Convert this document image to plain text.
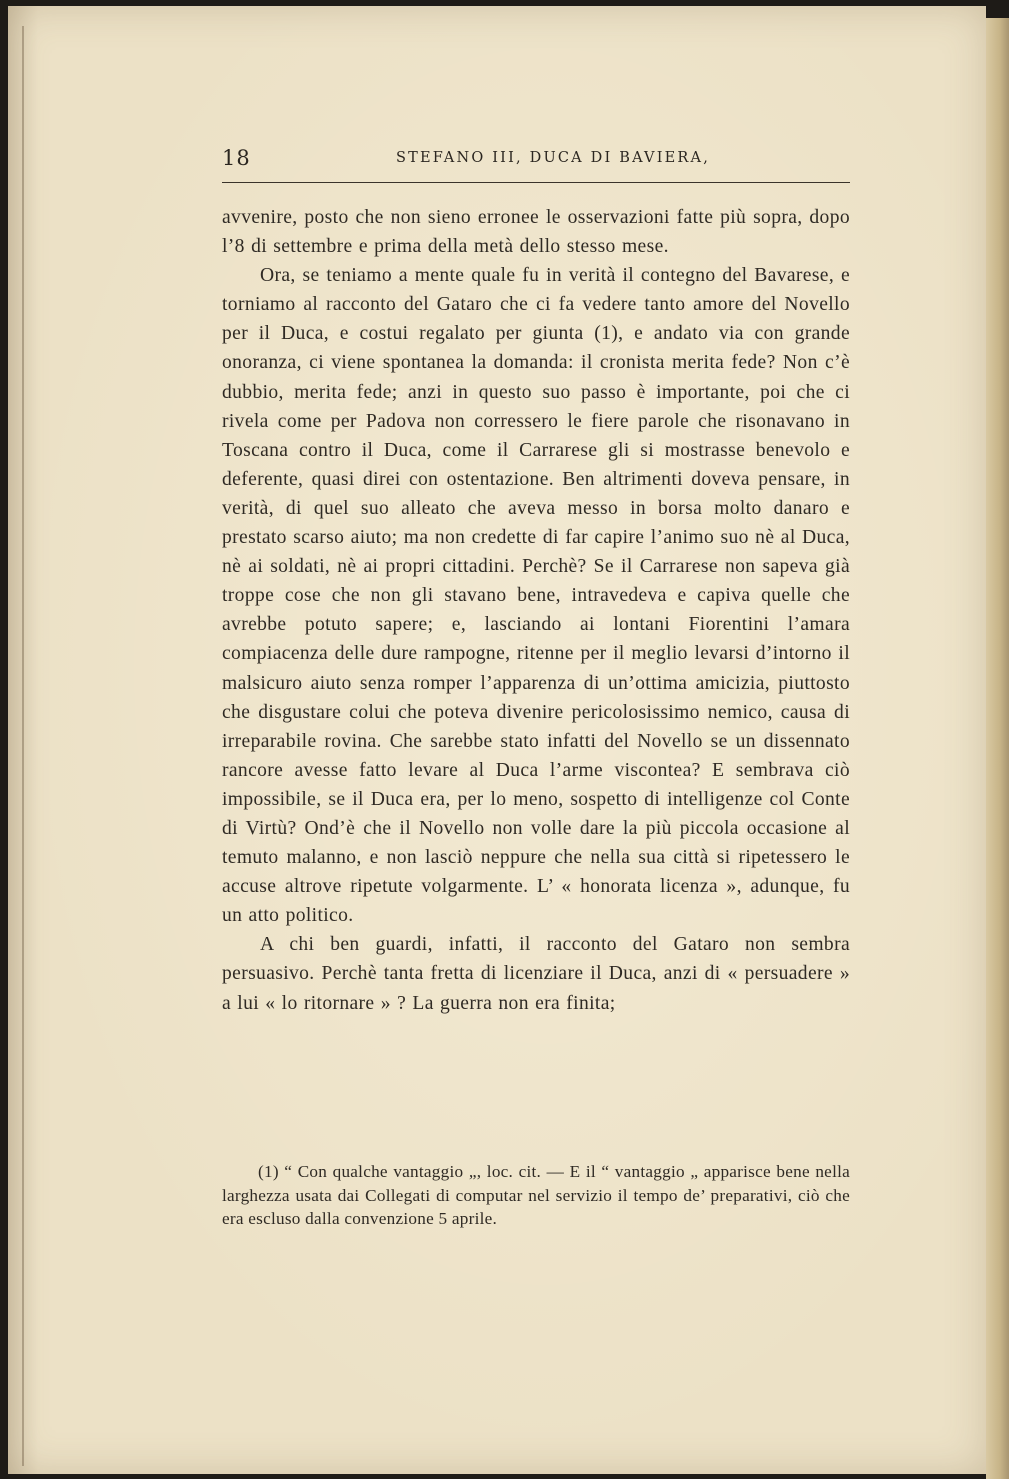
18	STEFANO III, DUCA DI BAVIERA,

avvenire, posto che non sieno erronee le osservazioni fatte più sopra, dopo l’8 di settembre e prima della metà dello stesso mese.

Ora, se teniamo a mente quale fu in verità il contegno del Bavarese, e torniamo al racconto del Gataro che ci fa vedere tanto amore del Novello per il Duca, e costui regalato per giunta (1), e andato via con grande onoranza, ci viene spontanea la domanda: il cronista merita fede? Non c’è dubbio, merita fede; anzi in questo suo passo è importante, poi che ci rivela come per Padova non corressero le fiere parole che risonavano in Toscana contro il Duca, come il Carrarese gli si mostrasse benevolo e deferente, quasi direi con ostentazione. Ben altrimenti doveva pensare, in verità, di quel suo alleato che aveva messo in borsa molto danaro e prestato scarso aiuto; ma non credette di far capire l’animo suo nè al Duca, nè ai soldati, nè ai propri cittadini. Perchè? Se il Carrarese non sapeva già troppe cose che non gli stavano bene, intravedeva e capiva quelle che avrebbe potuto sapere; e, lasciando ai lontani Fiorentini l’amara compiacenza delle dure rampogne, ritenne per il meglio levarsi d’intorno il malsicuro aiuto senza romper l’apparenza di un’ottima amicizia, piuttosto che disgustare colui che poteva divenire pericolosissimo nemico, causa di irreparabile rovina. Che sarebbe stato infatti del Novello se un dissennato rancore avesse fatto levare al Duca l’arme viscontea? E sembrava ciò impossibile, se il Duca era, per lo meno, sospetto di intelligenze col Conte di Virtù? Ond’è che il Novello non volle dare la più piccola occasione al temuto malanno, e non lasciò neppure che nella sua città si ripetessero le accuse altrove ripetute volgarmente. L’ « honorata licenza », adunque, fu un atto politico.

A chi ben guardi, infatti, il racconto del Gataro non sembra persuasivo. Perchè tanta fretta di licenziare il Duca, anzi di « persuadere » a lui « lo ritornare » ? La guerra non era finita;

(1) “ Con qualche vantaggio „, loc. cit. — E il “ vantaggio „ apparisce bene nella larghezza usata dai Collegati di computar nel servizio il tempo de’ preparativi, ciò che era escluso dalla convenzione 5 aprile.
